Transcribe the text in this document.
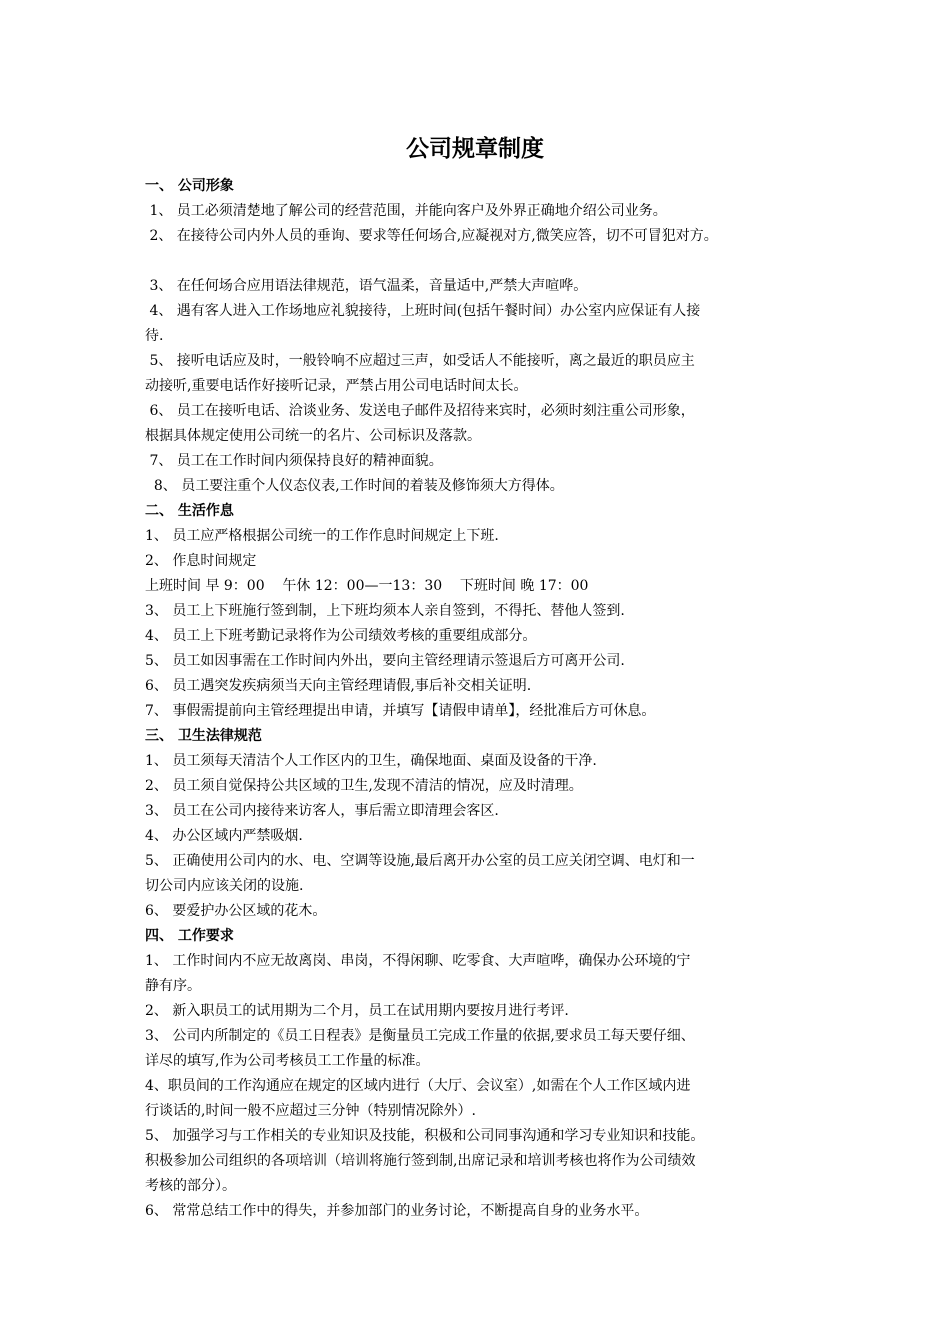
公司规章制度
一、 公司形象
1、 员工必须清楚地了解公司的经营范围，并能向客户及外界正确地介绍公司业务。
2、 在接待公司内外人员的垂询、要求等任何场合,应凝视对方,微笑应答，切不可冒犯对方。
3、 在任何场合应用语法律规范，语气温柔，音量适中,严禁大声喧哗。
4、 遇有客人进入工作场地应礼貌接待，上班时间(包括午餐时间）办公室内应保证有人接
待.
5、 接听电话应及时，一般铃响不应超过三声，如受话人不能接听，离之最近的职员应主
动接听,重要电话作好接听记录，严禁占用公司电话时间太长。
6、 员工在接听电话、洽谈业务、发送电子邮件及招待来宾时，必须时刻注重公司形象，
根据具体规定使用公司统一的名片、公司标识及落款。
7、 员工在工作时间内须保持良好的精神面貌。
8、 员工要注重个人仪态仪表,工作时间的着装及修饰须大方得体。
二、 生活作息
1、 员工应严格根据公司统一的工作作息时间规定上下班.
2、 作息时间规定
上班时间 早 9：00    午休 12：00—一13：30    下班时间 晚 17：00
3、 员工上下班施行签到制，上下班均须本人亲自签到，不得托、替他人签到.
4、 员工上下班考勤记录将作为公司绩效考核的重要组成部分。
5、 员工如因事需在工作时间内外出，要向主管经理请示签退后方可离开公司.
6、 员工遇突发疾病须当天向主管经理请假,事后补交相关证明.
7、 事假需提前向主管经理提出申请，并填写【请假申请单】，经批准后方可休息。
三、 卫生法律规范
1、 员工须每天清洁个人工作区内的卫生，确保地面、桌面及设备的干净.
2、 员工须自觉保持公共区域的卫生,发现不清洁的情况，应及时清理。
3、 员工在公司内接待来访客人，事后需立即清理会客区.
4、 办公区域内严禁吸烟.
5、 正确使用公司内的水、电、空调等设施,最后离开办公室的员工应关闭空调、电灯和一
切公司内应该关闭的设施.
6、 要爱护办公区域的花木。
四、 工作要求
1、 工作时间内不应无故离岗、串岗，不得闲聊、吃零食、大声喧哗，确保办公环境的宁
静有序。
2、 新入职员工的试用期为二个月，员工在试用期内要按月进行考评.
3、 公司内所制定的《员工日程表》是衡量员工完成工作量的依据,要求员工每天要仔细、
详尽的填写,作为公司考核员工工作量的标准。
4、职员间的工作沟通应在规定的区域内进行（大厅、会议室）,如需在个人工作区域内进
行谈话的,时间一般不应超过三分钟（特别情况除外）.
5、 加强学习与工作相关的专业知识及技能，积极和公司同事沟通和学习专业知识和技能。
积极参加公司组织的各项培训（培训将施行签到制,出席记录和培训考核也将作为公司绩效
考核的部分）。
6、 常常总结工作中的得失，并参加部门的业务讨论，不断提高自身的业务水平。
